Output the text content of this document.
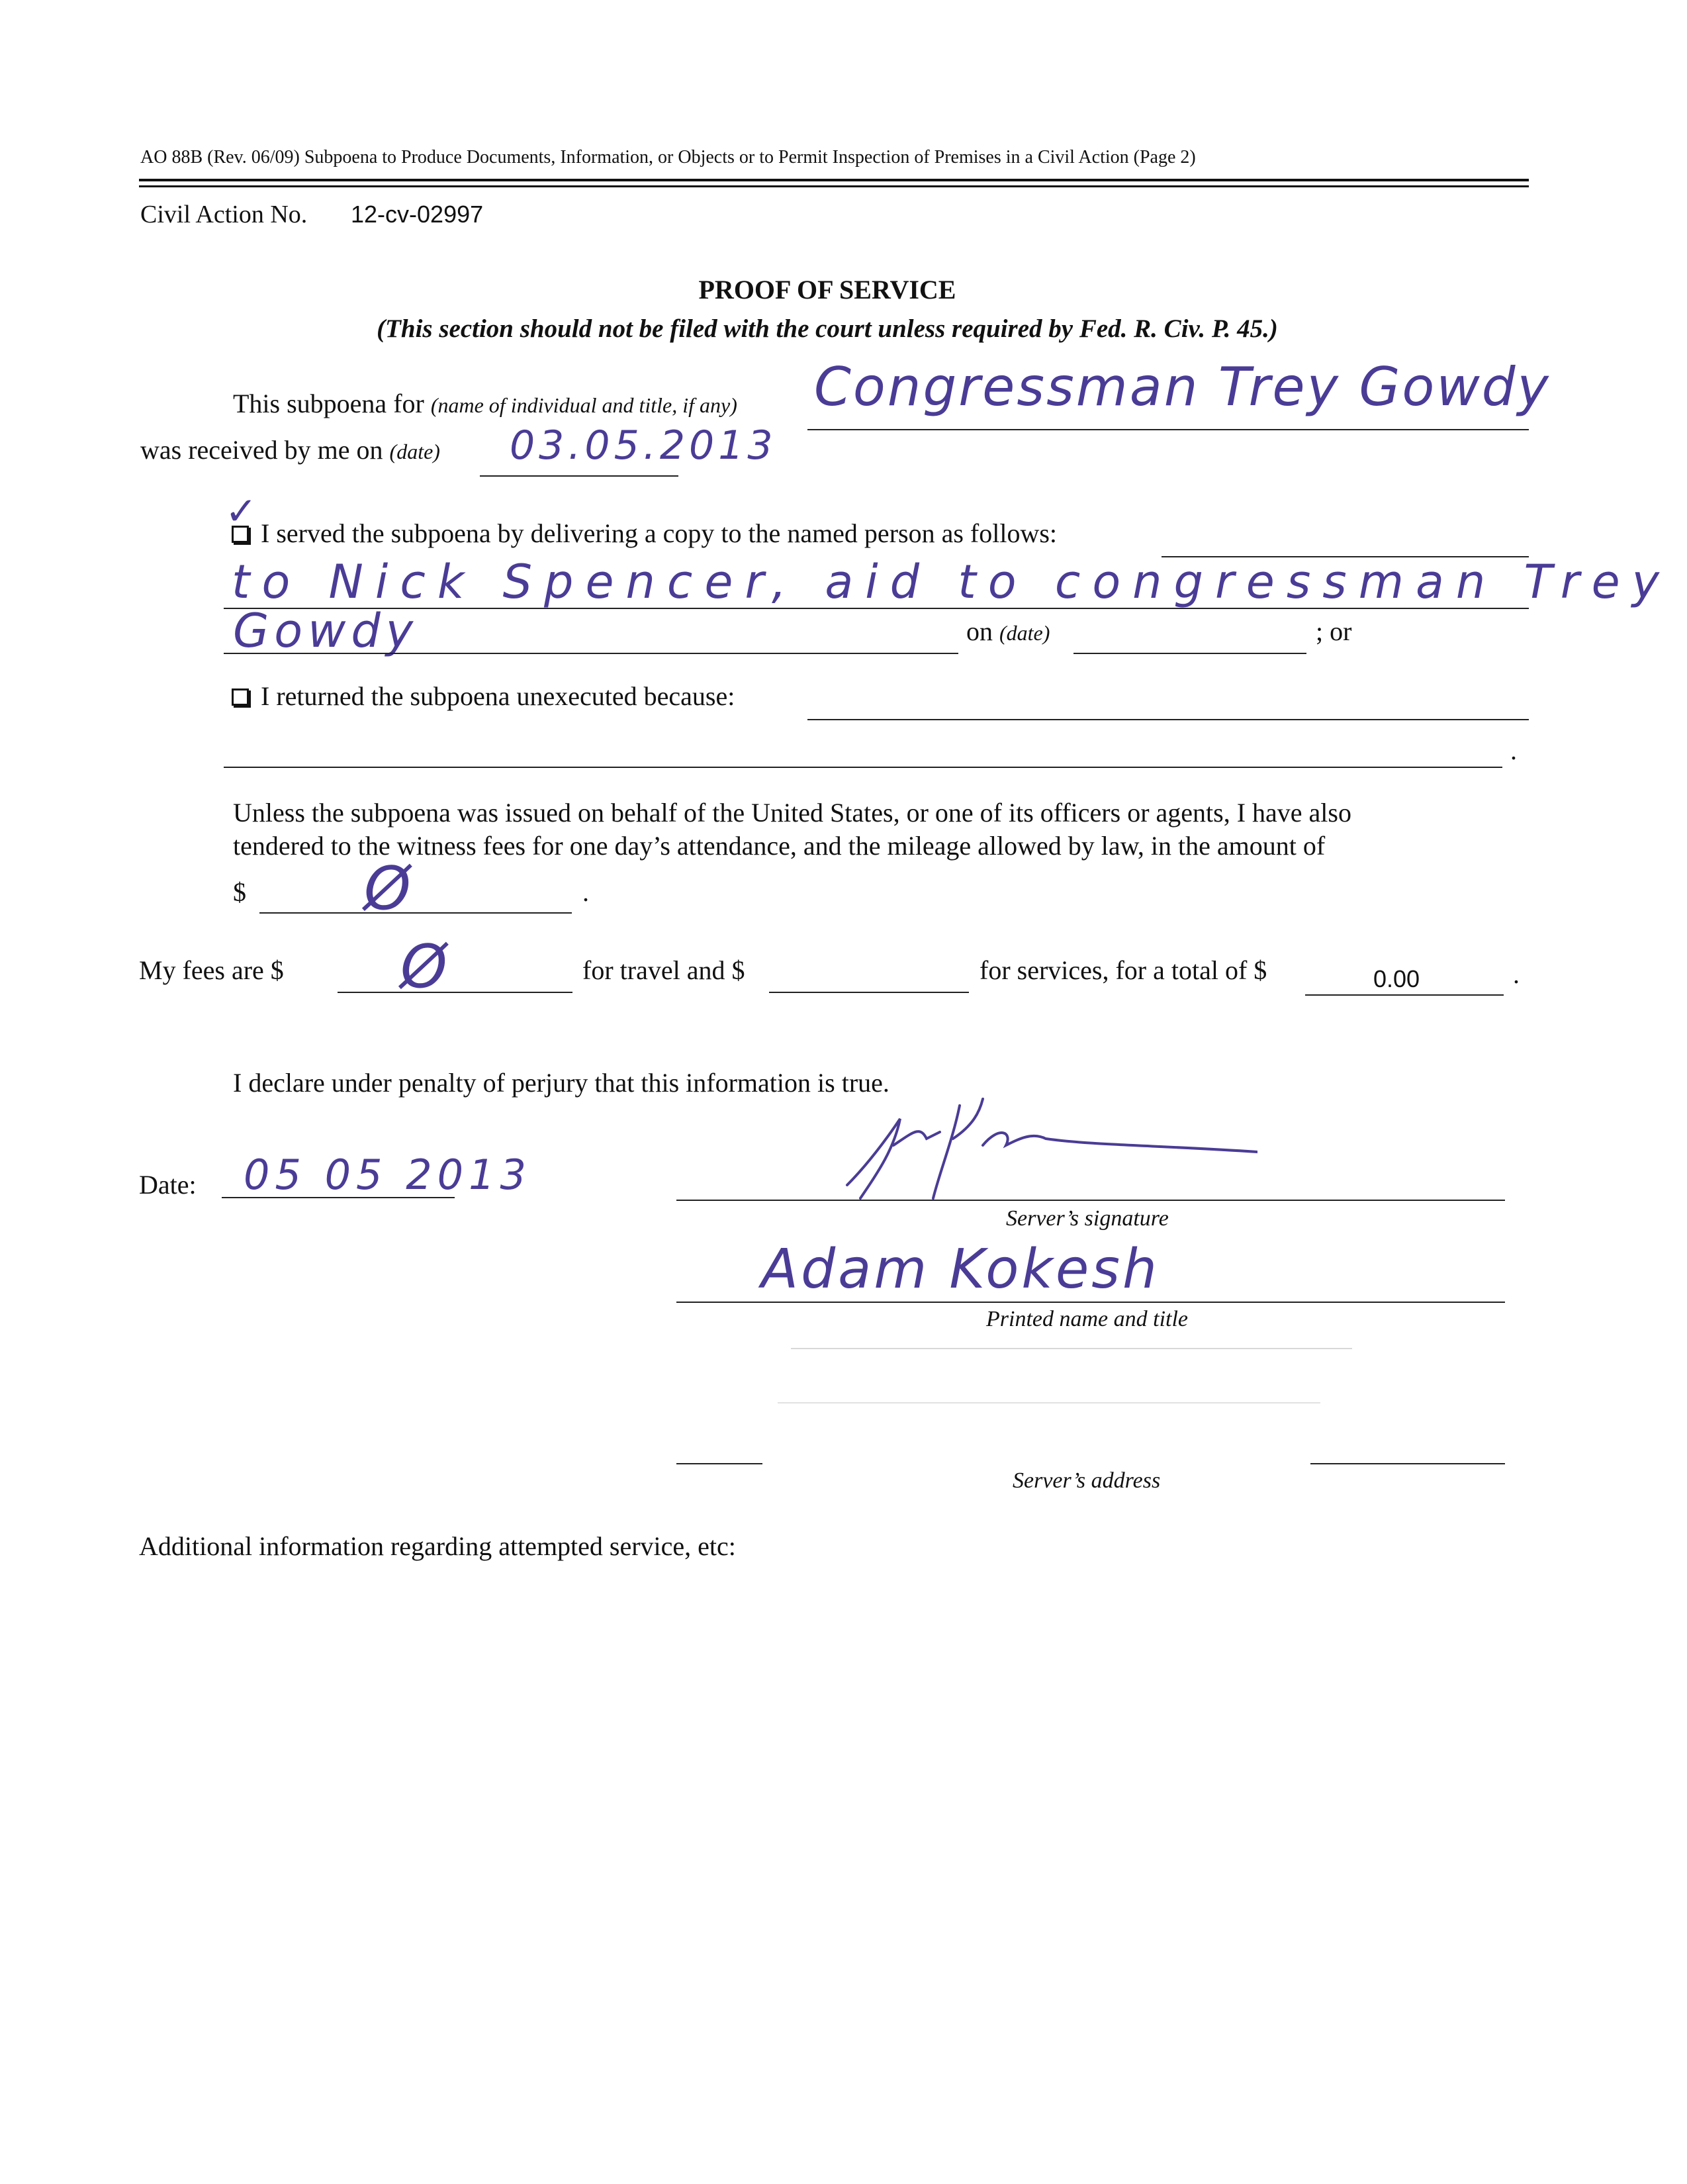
AO 88B (Rev. 06/09) Subpoena to Produce Documents, Information, or Objects or to Permit Inspection of Premises in a Civil Action (Page 2)
Civil Action No. 12-cv-02997
PROOF OF SERVICE
(This section should not be filed with the court unless required by Fed. R. Civ. P. 45.)
This subpoena for (name of individual and title, if any) Congressman Trey Gowdy
was received by me on (date) 03.05.2013
✓ I served the subpoena by delivering a copy to the named person as follows:
to Nick Spencer, aid to congressman Trey
Gowdy	on (date)	; or
I returned the subpoena unexecuted because:
.
Unless the subpoena was issued on behalf of the United States, or one of its officers or agents, I have also
tendered to the witness fees for one day’s attendance, and the mileage allowed by law, in the amount of
$ Ø	.
My fees are $ Ø	for travel and $	for services, for a total of $	0.00	.
I declare under penalty of perjury that this information is true.
Date: 05 05 2013
Server’s signature
Adam Kokesh
Printed name and title
Server’s address
Additional information regarding attempted service, etc:
